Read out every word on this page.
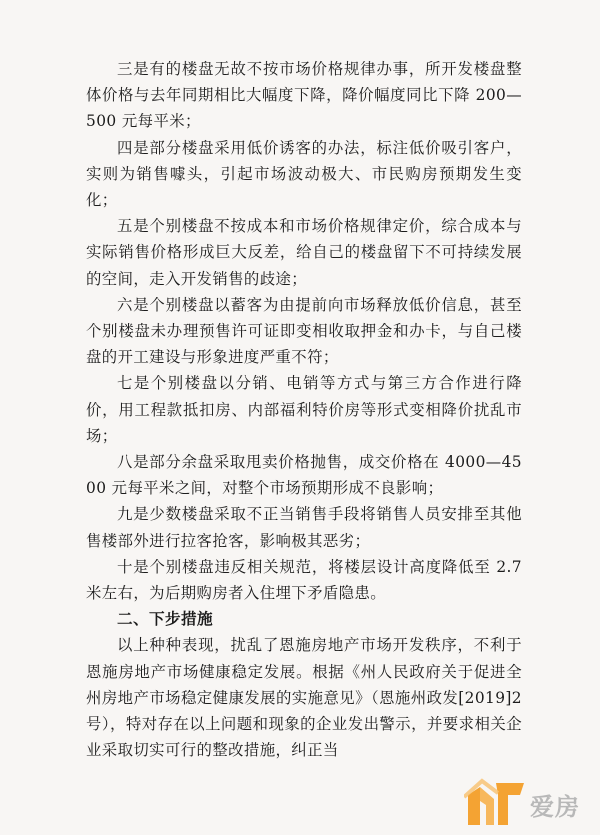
三是有的楼盘无故不按市场价格规律办事，所开发楼盘整体价格与去年同期相比大幅度下降，降价幅度同比下降 200—500 元每平米；

四是部分楼盘采用低价诱客的办法，标注低价吸引客户，实则为销售噱头，引起市场波动极大、市民购房预期发生变化；

五是个别楼盘不按成本和市场价格规律定价，综合成本与实际销售价格形成巨大反差，给自己的楼盘留下不可持续发展的空间，走入开发销售的歧途；

六是个别楼盘以蓄客为由提前向市场释放低价信息，甚至个别楼盘未办理预售许可证即变相收取押金和办卡，与自己楼盘的开工建设与形象进度严重不符；

七是个别楼盘以分销、电销等方式与第三方合作进行降价，用工程款抵扣房、内部福利特价房等形式变相降价扰乱市场；

八是部分余盘采取甩卖价格抛售，成交价格在 4000—4500 元每平米之间，对整个市场预期形成不良影响；

九是少数楼盘采取不正当销售手段将销售人员安排至其他售楼部外进行拉客抢客，影响极其恶劣；

十是个别楼盘违反相关规范，将楼层设计高度降低至 2.7 米左右，为后期购房者入住埋下矛盾隐患。

二、下步措施

以上种种表现，扰乱了恩施房地产市场开发秩序，不利于恩施房地产市场健康稳定发展。根据《州人民政府关于促进全州房地产市场稳定健康发展的实施意见》（恩施州政发[2019]2 号），特对存在以上问题和现象的企业发出警示，并要求相关企业采取切实可行的整改措施，纠正当

爱房
